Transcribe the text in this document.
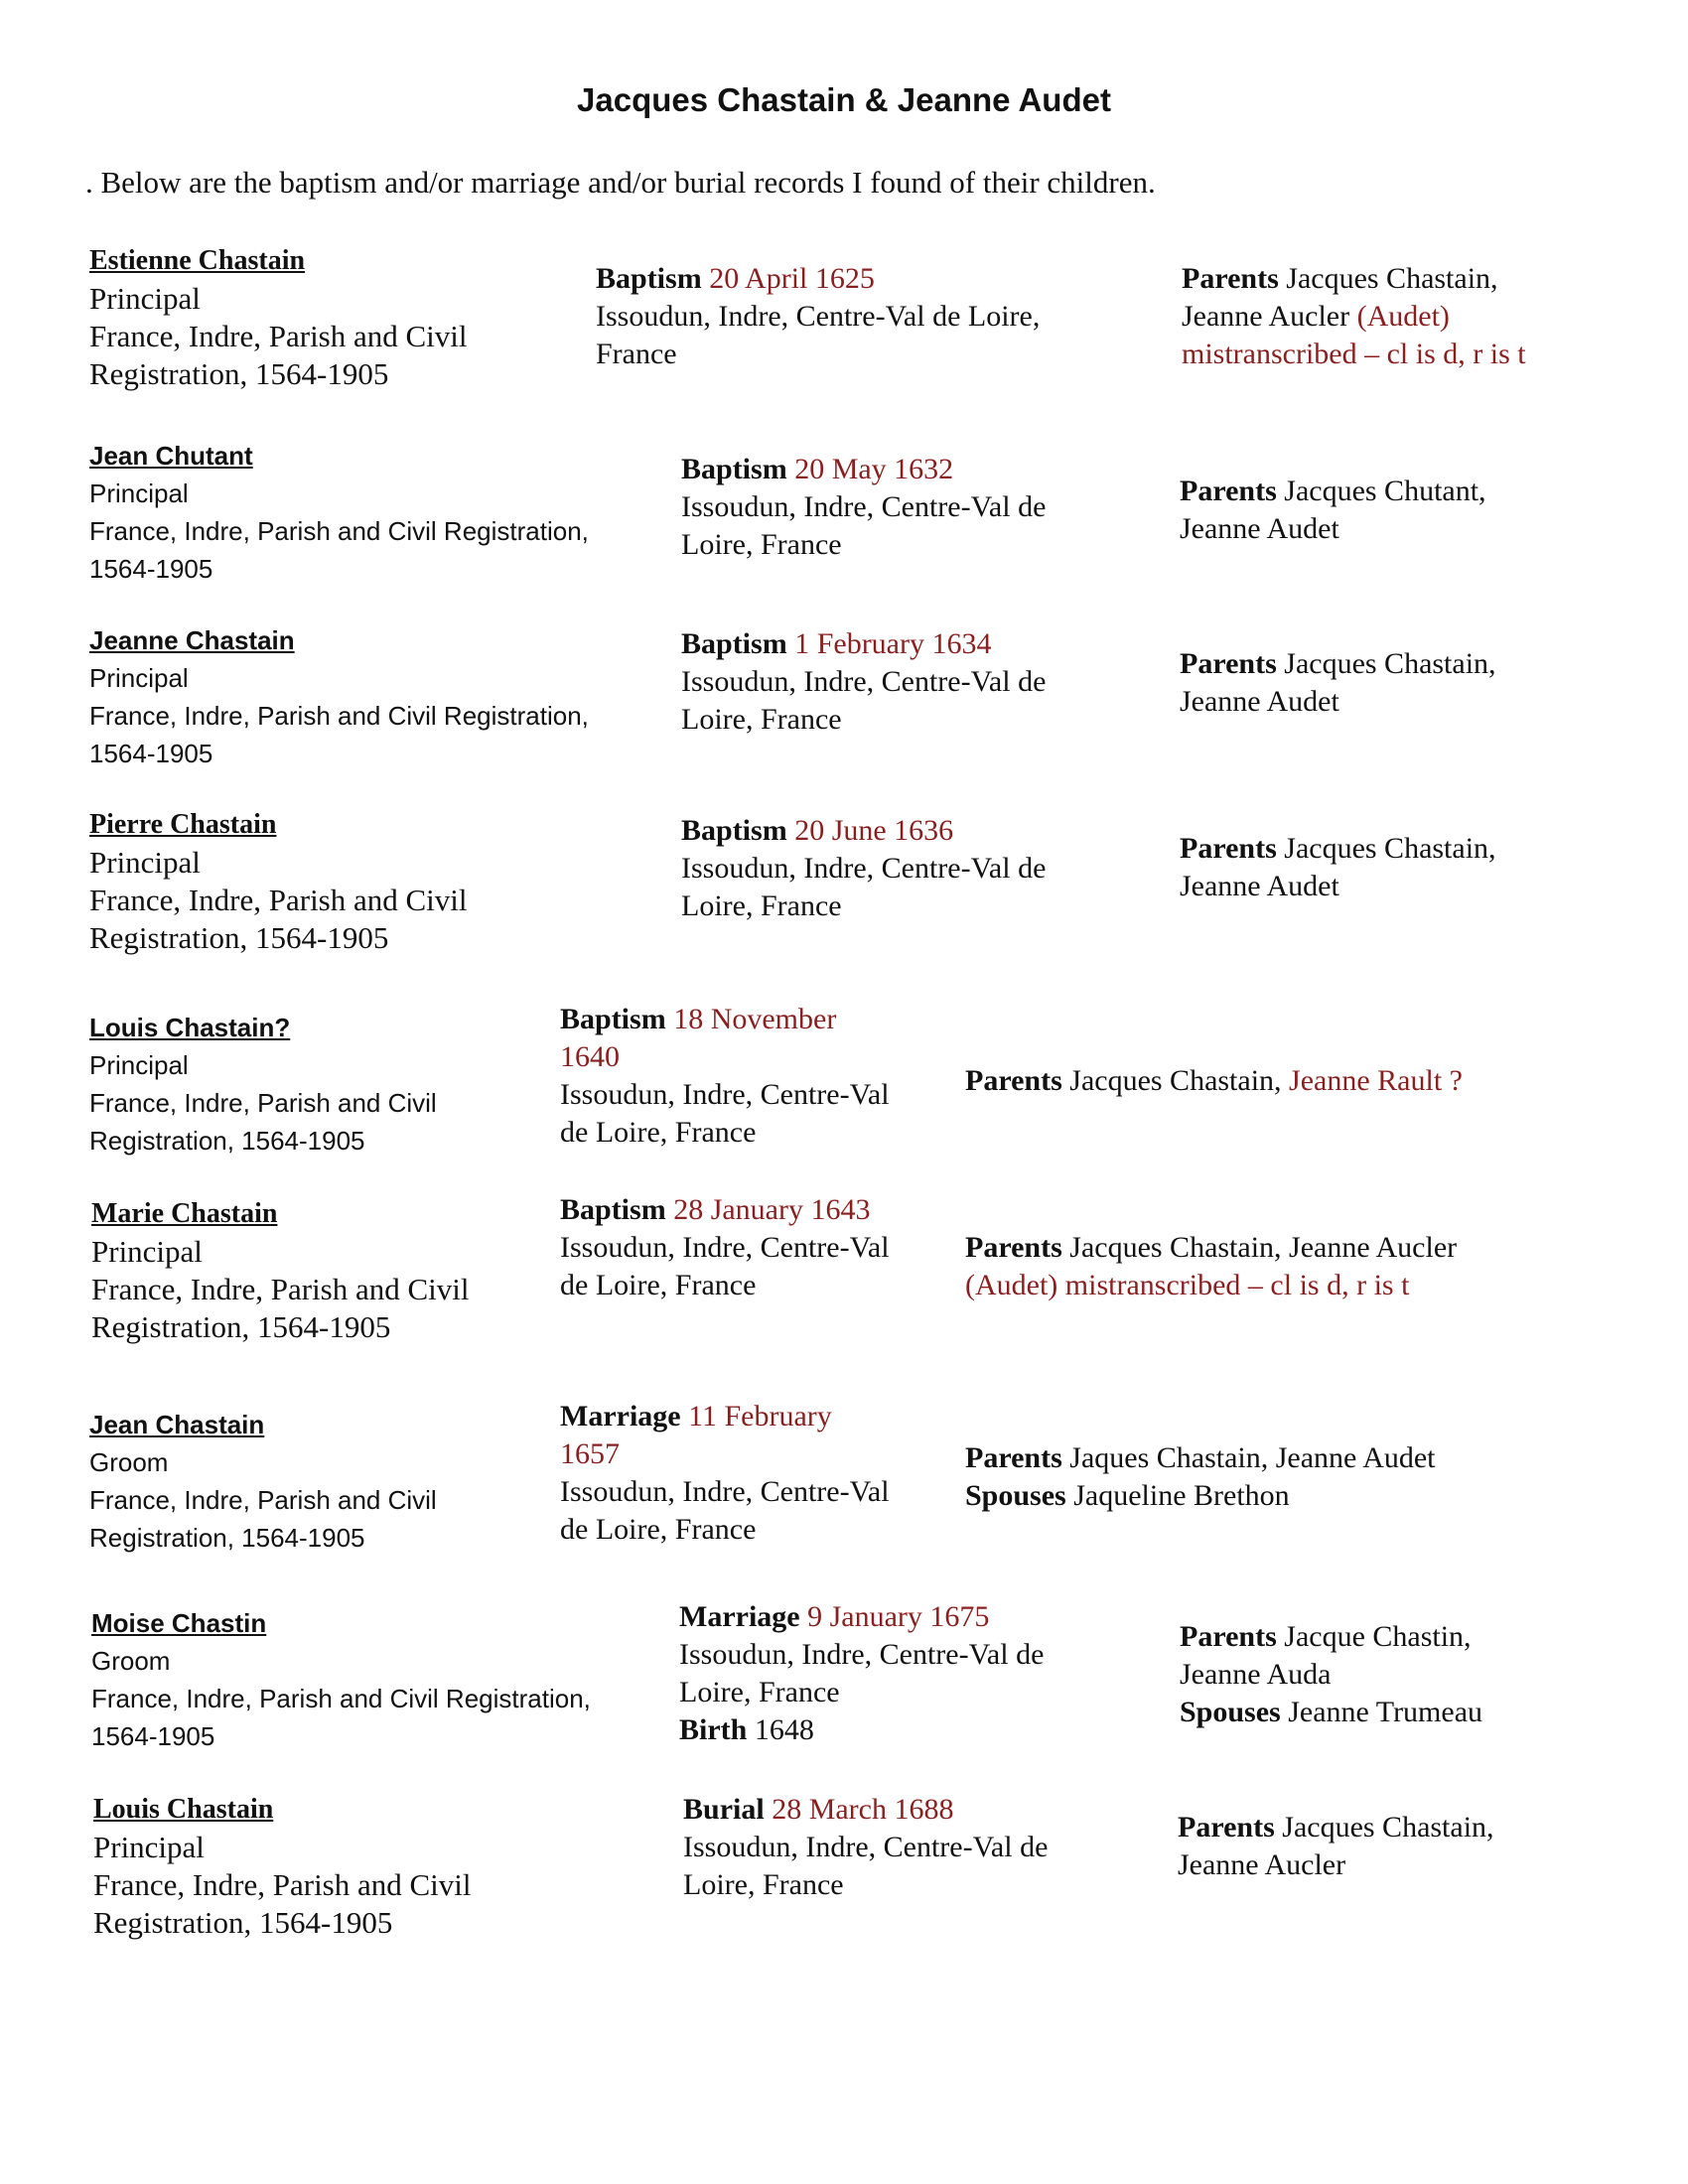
Jacques Chastain & Jeanne Audet
. Below are the baptism and/or marriage and/or burial records I found of their children.
Estienne Chastain
Principal
France, Indre, Parish and Civil
Registration, 1564-1905
Baptism 20 April 1625
Issoudun, Indre, Centre-Val de Loire,
France
Parents Jacques Chastain,
Jeanne Aucler (Audet)
mistranscribed – cl is d, r is t
Jean Chutant
Principal
France, Indre, Parish and Civil Registration,
1564-1905
Baptism 20 May 1632
Issoudun, Indre, Centre-Val de
Loire, France
Parents Jacques Chutant,
Jeanne Audet
Jeanne Chastain
Principal
France, Indre, Parish and Civil Registration,
1564-1905
Baptism 1 February 1634
Issoudun, Indre, Centre-Val de
Loire, France
Parents Jacques Chastain,
Jeanne Audet
Pierre Chastain
Principal
France, Indre, Parish and Civil
Registration, 1564-1905
Baptism 20 June 1636
Issoudun, Indre, Centre-Val de
Loire, France
Parents Jacques Chastain,
Jeanne Audet
Louis Chastain?
Principal
France, Indre, Parish and Civil
Registration, 1564-1905
Baptism 18 November
1640
Issoudun, Indre, Centre-Val
de Loire, France
Parents Jacques Chastain, Jeanne Rault ?
Marie Chastain
Principal
France, Indre, Parish and Civil
Registration, 1564-1905
Baptism 28 January 1643
Issoudun, Indre, Centre-Val
de Loire, France
Parents Jacques Chastain, Jeanne Aucler
(Audet) mistranscribed – cl is d, r is t
Jean Chastain
Groom
France, Indre, Parish and Civil
Registration, 1564-1905
Marriage 11 February
1657
Issoudun, Indre, Centre-Val
de Loire, France
Parents Jaques Chastain, Jeanne Audet
Spouses Jaqueline Brethon
Moise Chastin
Groom
France, Indre, Parish and Civil Registration,
1564-1905
Marriage 9 January 1675
Issoudun, Indre, Centre-Val de
Loire, France
Birth 1648
Parents Jacque Chastin,
Jeanne Auda
Spouses Jeanne Trumeau
Louis Chastain
Principal
France, Indre, Parish and Civil
Registration, 1564-1905
Burial 28 March 1688
Issoudun, Indre, Centre-Val de
Loire, France
Parents Jacques Chastain,
Jeanne Aucler
